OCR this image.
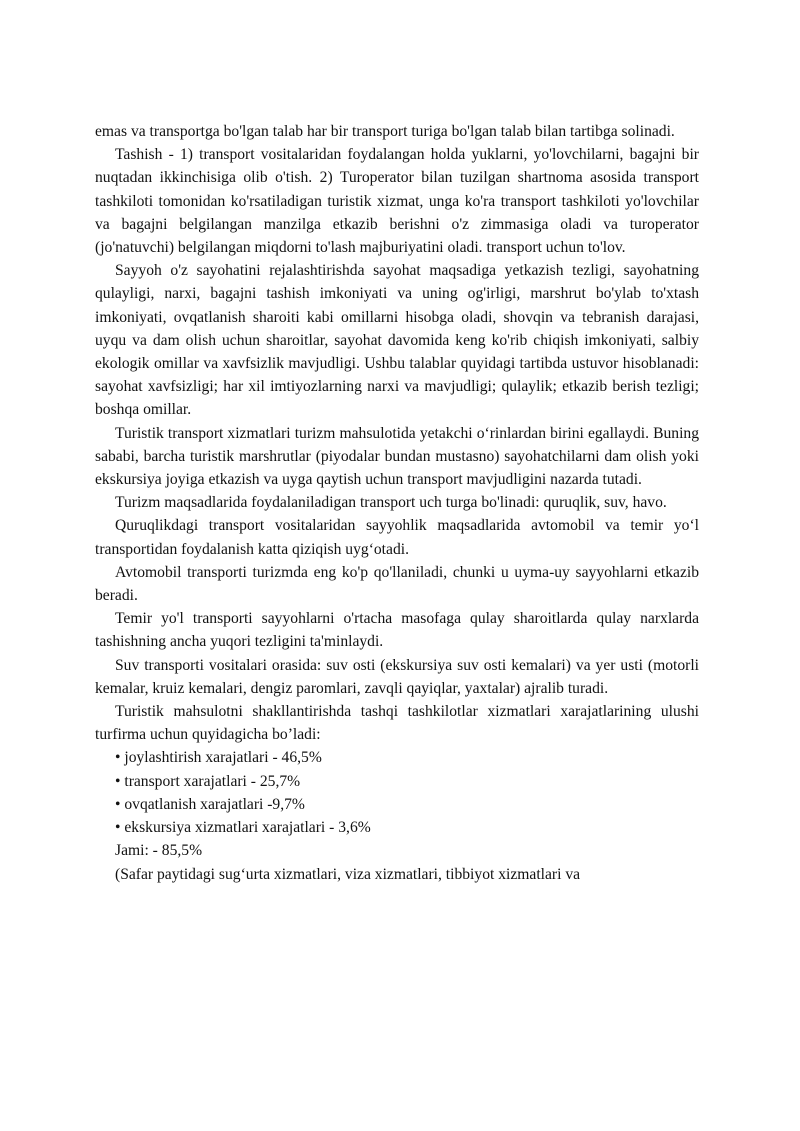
emas va transportga bo'lgan talab har bir transport turiga bo'lgan talab bilan tartibga solinadi.

Tashish - 1) transport vositalaridan foydalangan holda yuklarni, yo'lovchilarni, bagajni bir nuqtadan ikkinchisiga olib o'tish. 2) Turoperator bilan tuzilgan shartnoma asosida transport tashkiloti tomonidan ko'rsatiladigan turistik xizmat, unga ko'ra transport tashkiloti yo'lovchilar va bagajni belgilangan manzilga etkazib berishni o'z zimmasiga oladi va turoperator (jo'natuvchi) belgilangan miqdorni to'lash majburiyatini oladi. transport uchun to'lov.

Sayyoh o'z sayohatini rejalashtirishda sayohat maqsadiga yetkazish tezligi, sayohatning qulayligi, narxi, bagajni tashish imkoniyati va uning og'irligi, marshrut bo'ylab to'xtash imkoniyati, ovqatlanish sharoiti kabi omillarni hisobga oladi, shovqin va tebranish darajasi, uyqu va dam olish uchun sharoitlar, sayohat davomida keng ko'rib chiqish imkoniyati, salbiy ekologik omillar va xavfsizlik mavjudligi. Ushbu talablar quyidagi tartibda ustuvor hisoblanadi: sayohat xavfsizligi; har xil imtiyozlarning narxi va mavjudligi; qulaylik; etkazib berish tezligi; boshqa omillar.

Turistik transport xizmatlari turizm mahsulotida yetakchi o‘rinlardan birini egallaydi. Buning sababi, barcha turistik marshrutlar (piyodalar bundan mustasno) sayohatchilarni dam olish yoki ekskursiya joyiga etkazish va uyga qaytish uchun transport mavjudligini nazarda tutadi.

Turizm maqsadlarida foydalaniladigan transport uch turga bo'linadi: quruqlik, suv, havo.

Quruqlikdagi transport vositalaridan sayyohlik maqsadlarida avtomobil va temir yo‘l transportidan foydalanish katta qiziqish uyg‘otadi.

Avtomobil transporti turizmda eng ko'p qo'llaniladi, chunki u uyma-uy sayyohlarni etkazib beradi.

Temir yo'l transporti sayyohlarni o'rtacha masofaga qulay sharoitlarda qulay narxlarda tashishning ancha yuqori tezligini ta'minlaydi.

Suv transporti vositalari orasida: suv osti (ekskursiya suv osti kemalari) va yer usti (motorli kemalar, kruiz kemalari, dengiz paromlari, zavqli qayiqlar, yaxtalar) ajralib turadi.

Turistik mahsulotni shakllantirishda tashqi tashkilotlar xizmatlari xarajatlarining ulushi turfirma uchun quyidagicha bo’ladi:

• joylashtirish xarajatlari - 46,5%

• transport xarajatlari - 25,7%

• ovqatlanish xarajatlari -9,7%

• ekskursiya xizmatlari xarajatlari - 3,6%

Jami: - 85,5%

(Safar paytidagi sug‘urta xizmatlari, viza xizmatlari, tibbiyot xizmatlari va
